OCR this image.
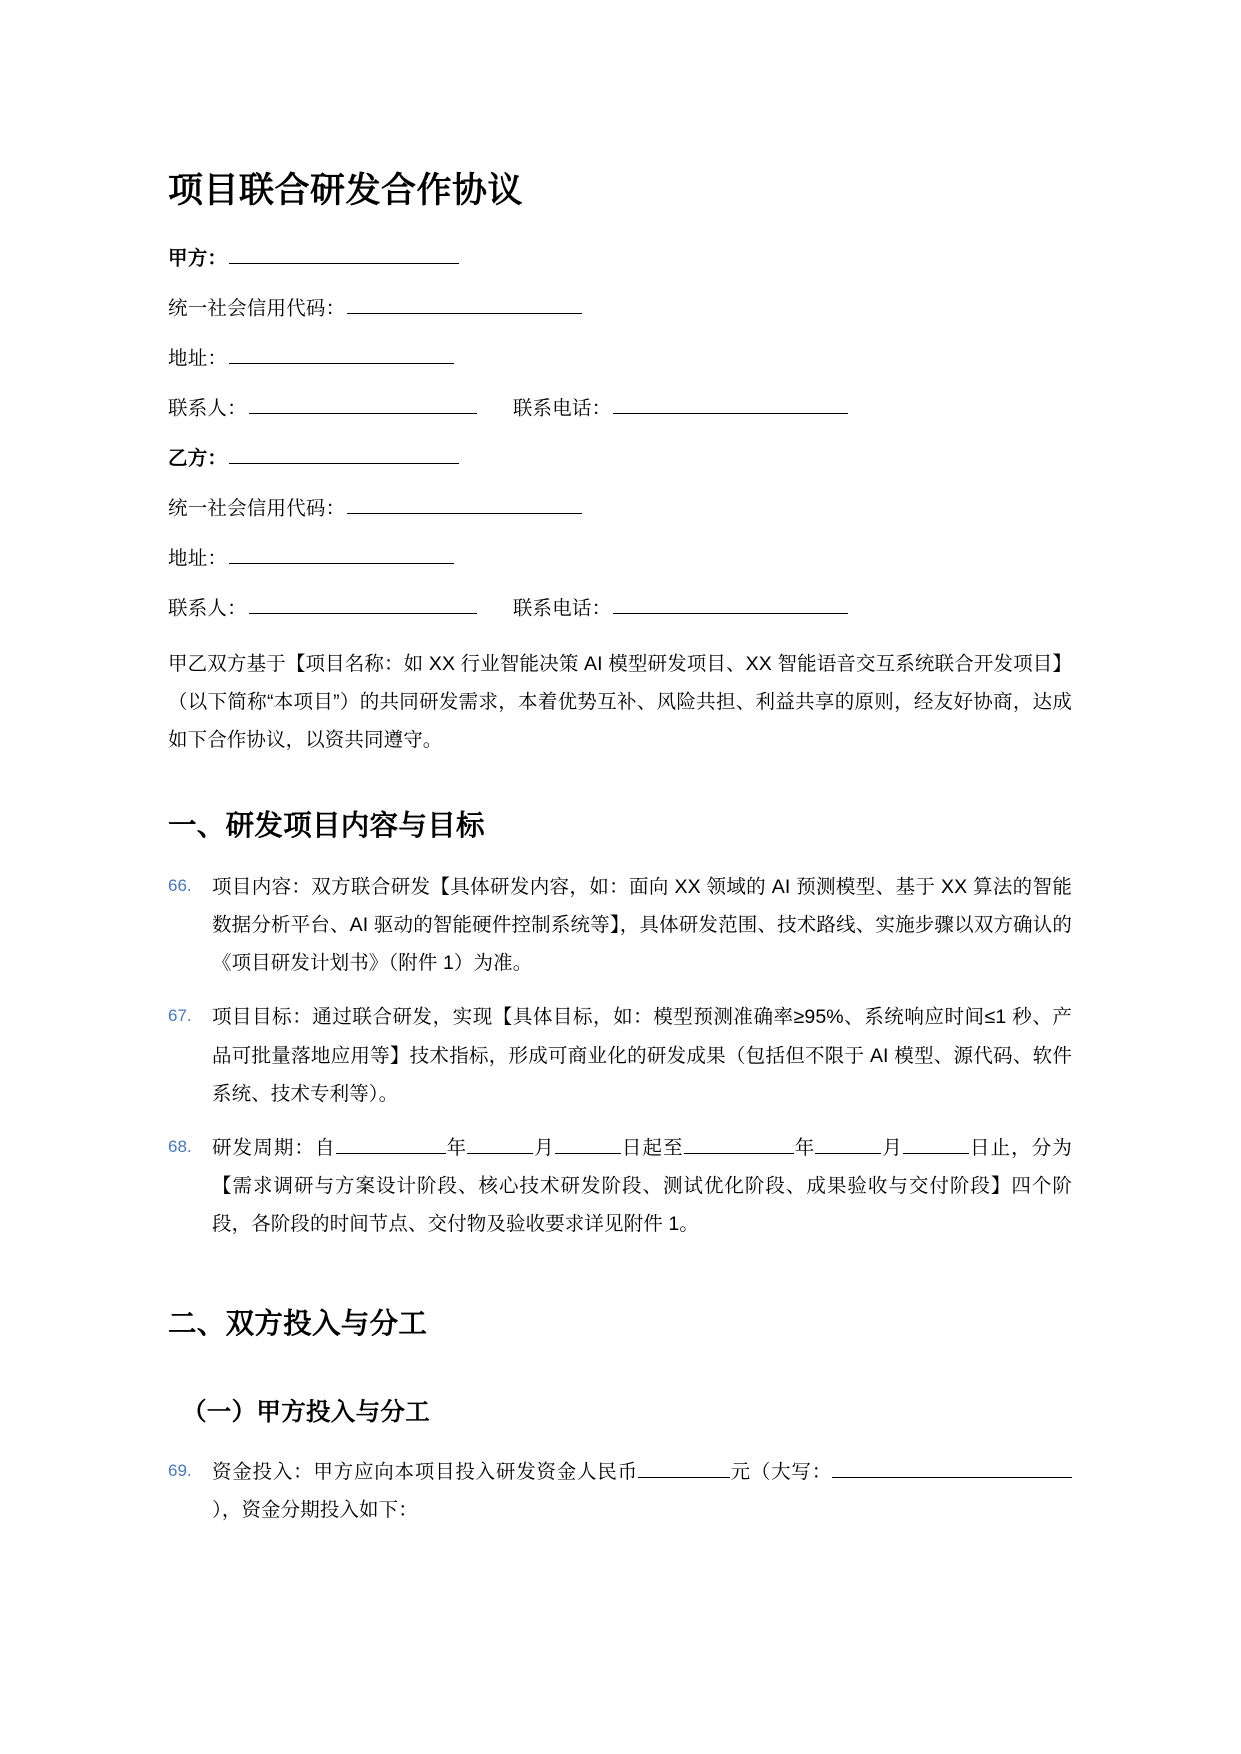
项目联合研发合作协议
甲方：
统一社会信用代码：
地址：
联系人：	联系电话：
乙方：
统一社会信用代码：
地址：
联系人：	联系电话：

甲乙双方基于【项目名称：如 XX 行业智能决策 AI 模型研发项目、XX 智能语音交互系统联合开发项目】（以下简称“本项目”）的共同研发需求，本着优势互补、风险共担、利益共享的原则，经友好协商，达成如下合作协议，以资共同遵守。

一、研发项目内容与目标
66.	项目内容：双方联合研发【具体研发内容，如：面向 XX 领域的 AI 预测模型、基于 XX 算法的智能数据分析平台、AI 驱动的智能硬件控制系统等】，具体研发范围、技术路线、实施步骤以双方确认的《项目研发计划书》（附件 1）为准。
67.	项目目标：通过联合研发，实现【具体目标，如：模型预测准确率≥95%、系统响应时间≤1 秒、产品可批量落地应用等】技术指标，形成可商业化的研发成果（包括但不限于 AI 模型、源代码、软件系统、技术专利等）。
68.	研发周期：自	年	月	日起至	年	月	日止，分为【需求调研与方案设计阶段、核心技术研发阶段、测试优化阶段、成果验收与交付阶段】四个阶段，各阶段的时间节点、交付物及验收要求详见附件 1。
二、双方投入与分工
（一）甲方投入与分工
69.	资金投入：甲方应向本项目投入研发资金人民币	元（大写：），资金分期投入如下：
